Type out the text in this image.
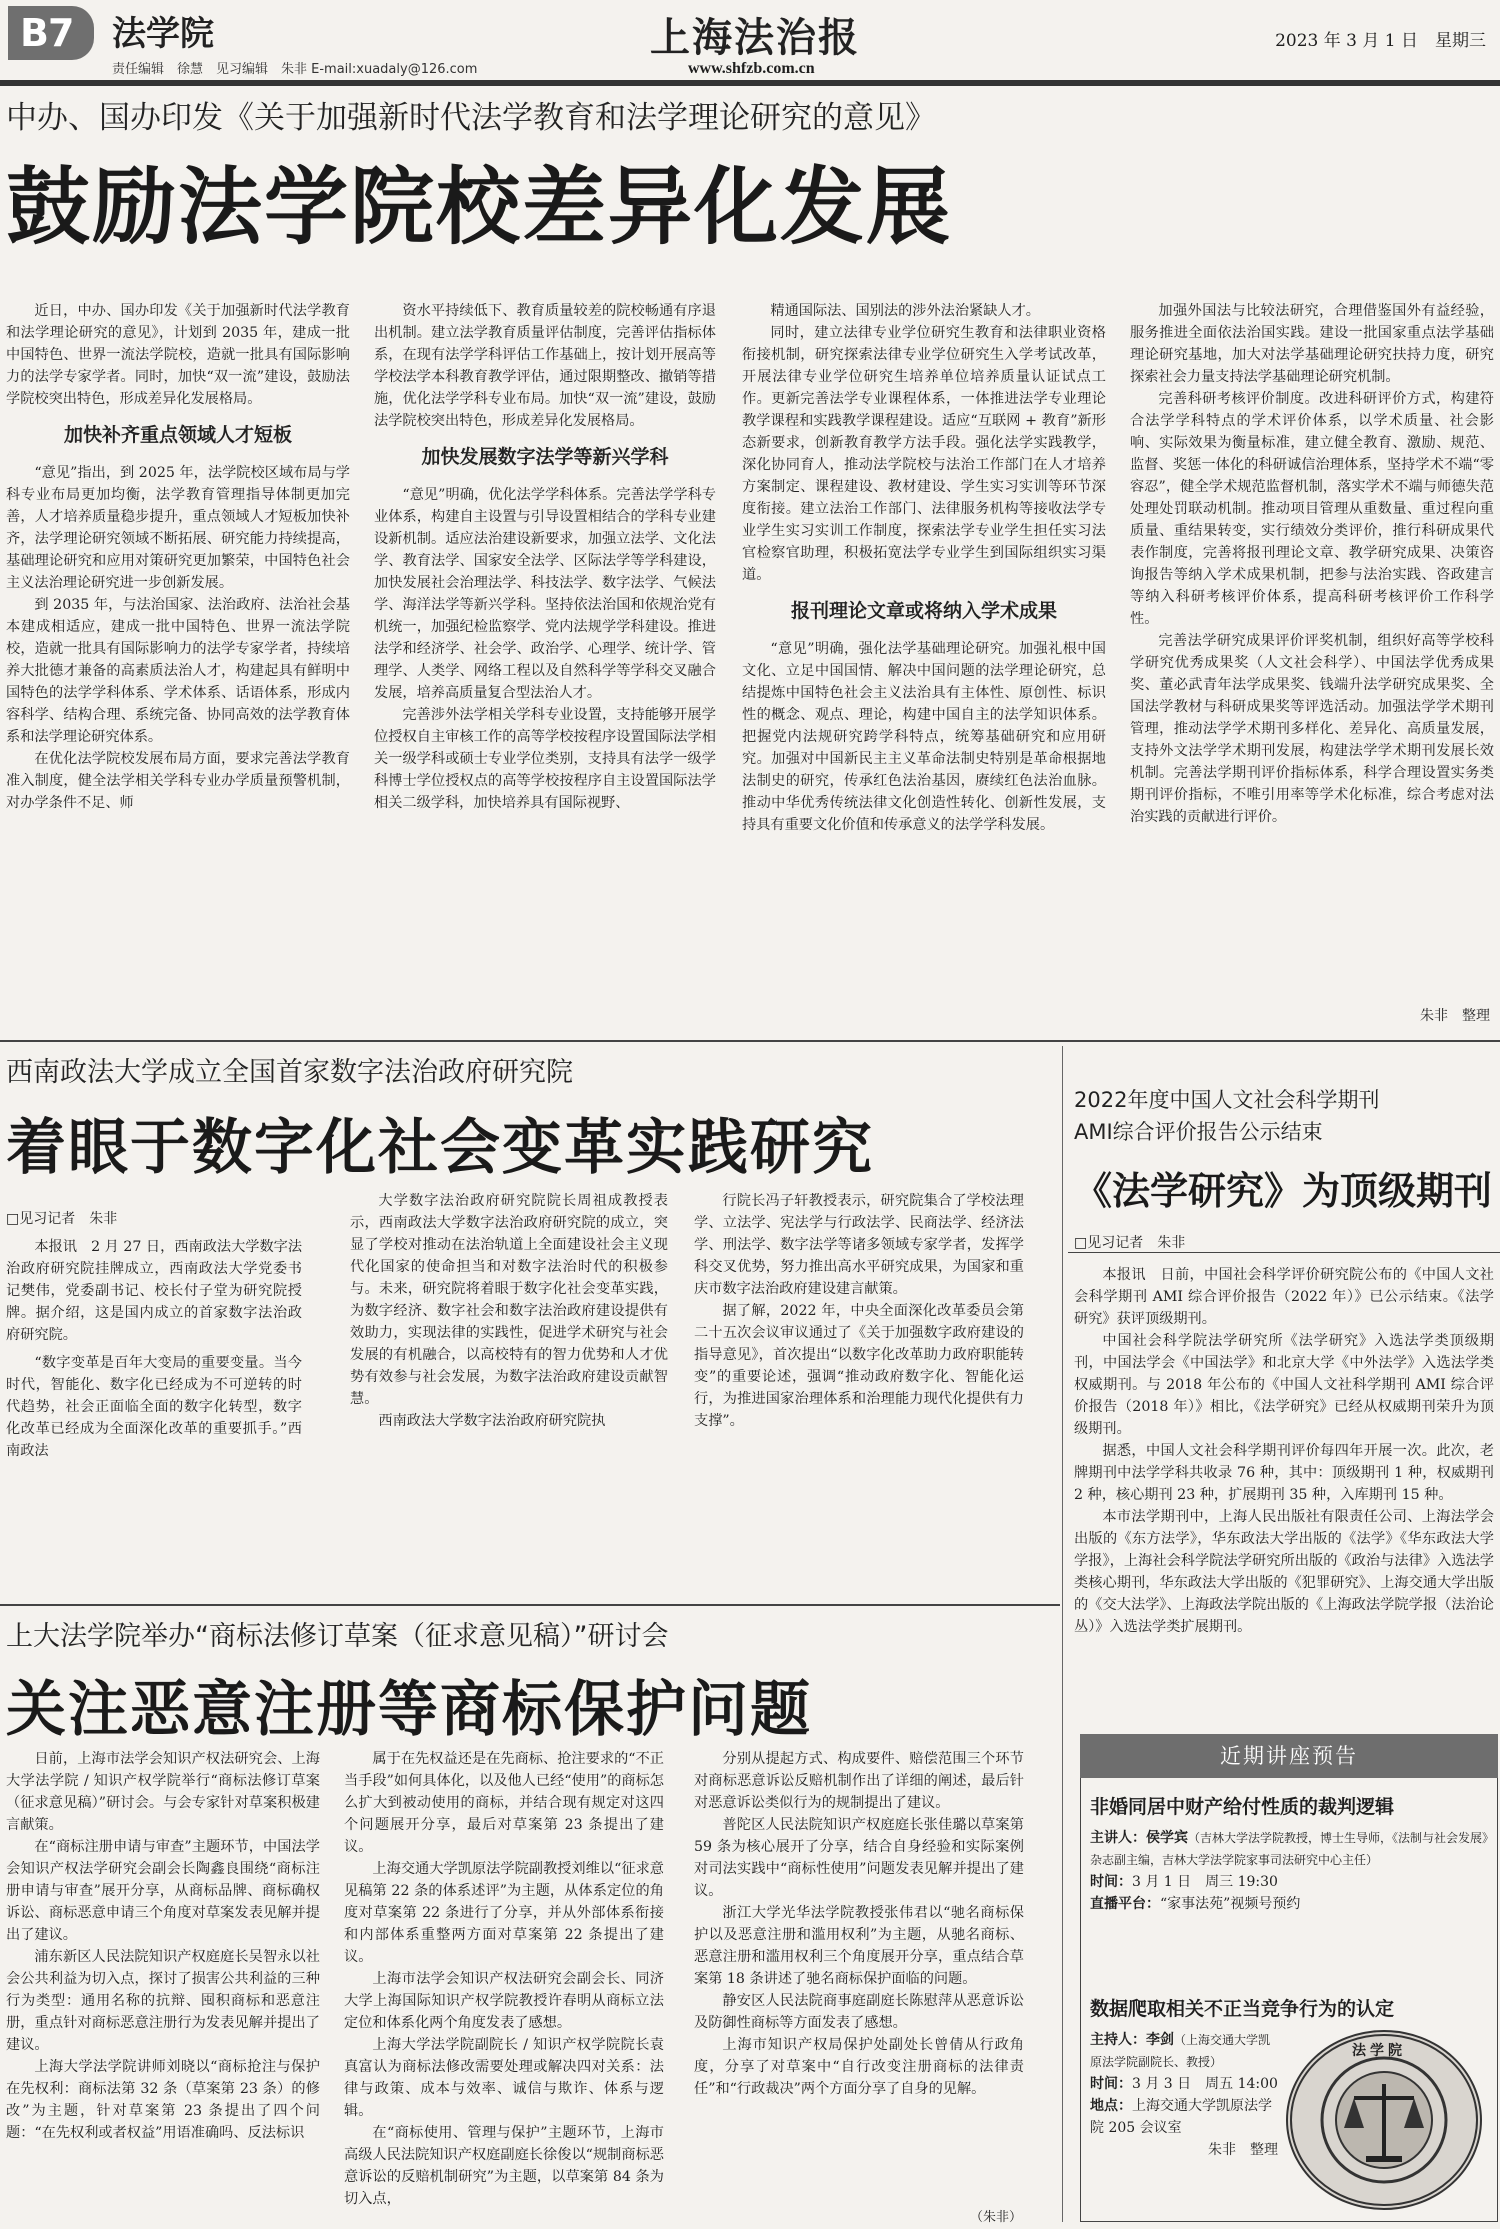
B7	法学院
责任编辑　徐慧　见习编辑　朱非 E-mail:xuadaly@126.com
上海法治报
www.shfzb.com.cn
2023 年 3 月 1 日　星期三
中办、国办印发《关于加强新时代法学教育和法学理论研究的意见》
鼓励法学院校差异化发展

近日，中办、国办印发《关于加强新时代法学教育和法学理论研究的意见》，计划到 2035 年，建成一批中国特色、世界一流法学院校，造就一批具有国际影响力的法学专家学者。同时，加快“双一流”建设，鼓励法学院校突出特色，形成差异化发展格局。

加快补齐重点领域人才短板

“意见”指出，到 2025 年，法学院校区域布局与学科专业布局更加均衡，法学教育管理指导体制更加完善，人才培养质量稳步提升，重点领域人才短板加快补齐，法学理论研究领域不断拓展、研究能力持续提高，基础理论研究和应用对策研究更加繁荣，中国特色社会主义法治理论研究进一步创新发展。

到 2035 年，与法治国家、法治政府、法治社会基本建成相适应，建成一批中国特色、世界一流法学院校，造就一批具有国际影响力的法学专家学者，持续培养大批德才兼备的高素质法治人才，构建起具有鲜明中国特色的法学学科体系、学术体系、话语体系，形成内容科学、结构合理、系统完备、协同高效的法学教育体系和法学理论研究体系。

在优化法学院校发展布局方面，要求完善法学教育准入制度，健全法学相关学科专业办学质量预警机制，对办学条件不足、师

资水平持续低下、教育质量较差的院校畅通有序退出机制。建立法学教育质量评估制度，完善评估指标体系，在现有法学学科评估工作基础上，按计划开展高等学校法学本科教育教学评估，通过限期整改、撤销等措施，优化法学学科专业布局。加快“双一流”建设，鼓励法学院校突出特色，形成差异化发展格局。

加快发展数字法学等新兴学科

“意见”明确，优化法学学科体系。完善法学学科专业体系，构建自主设置与引导设置相结合的学科专业建设新机制。适应法治建设新要求，加强立法学、文化法学、教育法学、国家安全法学、区际法学等学科建设，加快发展社会治理法学、科技法学、数字法学、气候法学、海洋法学等新兴学科。坚持依法治国和依规治党有机统一，加强纪检监察学、党内法规学学科建设。推进法学和经济学、社会学、政治学、心理学、统计学、管理学、人类学、网络工程以及自然科学等学科交叉融合发展，培养高质量复合型法治人才。

完善涉外法学相关学科专业设置，支持能够开展学位授权自主审核工作的高等学校按程序设置国际法学相关一级学科或硕士专业学位类别，支持具有法学一级学科博士学位授权点的高等学校按程序自主设置国际法学相关二级学科，加快培养具有国际视野、

精通国际法、国别法的涉外法治紧缺人才。

同时，建立法律专业学位研究生教育和法律职业资格衔接机制，研究探索法律专业学位研究生入学考试改革，开展法律专业学位研究生培养单位培养质量认证试点工作。更新完善法学专业课程体系，一体推进法学专业理论教学课程和实践教学课程建设。适应“互联网 + 教育”新形态新要求，创新教育教学方法手段。强化法学实践教学，深化协同育人，推动法学院校与法治工作部门在人才培养方案制定、课程建设、教材建设、学生实习实训等环节深度衔接。建立法治工作部门、法律服务机构等接收法学专业学生实习实训工作制度，探索法学专业学生担任实习法官检察官助理，积极拓宽法学专业学生到国际组织实习渠道。

报刊理论文章或将纳入学术成果

“意见”明确，强化法学基础理论研究。加强礼根中国文化、立足中国国情、解决中国问题的法学理论研究，总结提炼中国特色社会主义法治具有主体性、原创性、标识性的概念、观点、理论，构建中国自主的法学知识体系。把握党内法规研究跨学科特点，统筹基础研究和应用研究。加强对中国新民主主义革命法制史特别是革命根据地法制史的研究，传承红色法治基因，赓续红色法治血脉。推动中华优秀传统法律文化创造性转化、创新性发展，支持具有重要文化价值和传承意义的法学学科发展。

加强外国法与比较法研究，合理借鉴国外有益经验，服务推进全面依法治国实践。建设一批国家重点法学基础理论研究基地，加大对法学基础理论研究扶持力度，研究探索社会力量支持法学基础理论研究机制。

完善科研考核评价制度。改进科研评价方式，构建符合法学学科特点的学术评价体系，以学术质量、社会影响、实际效果为衡量标准，建立健全教育、激励、规范、监督、奖惩一体化的科研诚信治理体系，坚持学术不端“零容忍”，健全学术规范监督机制，落实学术不端与师德失范处理处罚联动机制。推动项目管理从重数量、重过程向重质量、重结果转变，实行绩效分类评价，推行科研成果代表作制度，完善将报刊理论文章、教学研究成果、决策咨询报告等纳入学术成果机制，把参与法治实践、咨政建言等纳入科研考核评价体系，提高科研考核评价工作科学性。

完善法学研究成果评价评奖机制，组织好高等学校科学研究优秀成果奖（人文社会科学）、中国法学优秀成果奖、董必武青年法学成果奖、钱端升法学研究成果奖、全国法学教材与科研成果奖等评选活动。加强法学学术期刊管理，推动法学学术期刊多样化、差异化、高质量发展，支持外文法学学术期刊发展，构建法学学术期刊发展长效机制。完善法学期刊评价指标体系，科学合理设置实务类期刊评价指标，不唯引用率等学术化标准，综合考虑对法治实践的贡献进行评价。

朱非　整理
西南政法大学成立全国首家数字法治政府研究院
着眼于数字化社会变革实践研究
□见习记者　朱非

本报讯　2 月 27 日，西南政法大学数字法治政府研究院挂牌成立，西南政法大学党委书记樊伟，党委副书记、校长付子堂为研究院授牌。据介绍，这是国内成立的首家数字法治政府研究院。

“数字变革是百年大变局的重要变量。当今时代，智能化、数字化已经成为不可逆转的时代趋势，社会正面临全面的数字化转型，数字化改革已经成为全面深化改革的重要抓手。”西南政法

大学数字法治政府研究院院长周祖成教授表示，西南政法大学数字法治政府研究院的成立，突显了学校对推动在法治轨道上全面建设社会主义现代化国家的使命担当和对数字法治时代的积极参与。未来，研究院将着眼于数字化社会变革实践，为数字经济、数字社会和数字法治政府建设提供有效助力，实现法律的实践性，促进学术研究与社会发展的有机融合，以高校特有的智力优势和人才优势有效参与社会发展，为数字法治政府建设贡献智慧。

西南政法大学数字法治政府研究院执

行院长冯子轩教授表示，研究院集合了学校法理学、立法学、宪法学与行政法学、民商法学、经济法学、刑法学、数字法学等诸多领域专家学者，发挥学科交叉优势，努力推出高水平研究成果，为国家和重庆市数字法治政府建设建言献策。

据了解，2022 年，中央全面深化改革委员会第二十五次会议审议通过了《关于加强数字政府建设的指导意见》，首次提出“以数字化改革助力政府职能转变”的重要论述，强调“推动政府数字化、智能化运行，为推进国家治理体系和治理能力现代化提供有力支撑”。

2022年度中国人文社会科学期刊
AMI综合评价报告公示结束
《法学研究》为顶级期刊
□见习记者　朱非

本报讯　日前，中国社会科学评价研究院公布的《中国人文社会科学期刊 AMI 综合评价报告（2022 年）》已公示结束。《法学研究》获评顶级期刊。

中国社会科学院法学研究所《法学研究》入选法学类顶级期刊，中国法学会《中国法学》和北京大学《中外法学》入选法学类权威期刊。与 2018 年公布的《中国人文社科学期刊 AMI 综合评价报告（2018 年）》相比，《法学研究》已经从权威期刊荣升为顶级期刊。

据悉，中国人文社会科学期刊评价每四年开展一次。此次，老牌期刊中法学学科共收录 76 种，其中：顶级期刊 1 种，权威期刊 2 种，核心期刊 23 种，扩展期刊 35 种，入库期刊 15 种。

本市法学期刊中，上海人民出版社有限责任公司、上海法学会出版的《东方法学》，华东政法大学出版的《法学》《华东政法大学学报》，上海社会科学院法学研究所出版的《政治与法律》入选法学类核心期刊，华东政法大学出版的《犯罪研究》、上海交通大学出版的《交大法学》、上海政法学院出版的《上海政法学院学报（法治论丛）》入选法学类扩展期刊。

上大法学院举办“商标法修订草案（征求意见稿）”研讨会
关注恶意注册等商标保护问题

日前，上海市法学会知识产权法研究会、上海大学法学院 / 知识产权学院举行“商标法修订草案（征求意见稿）”研讨会。与会专家针对草案积极建言献策。

在“商标注册申请与审查”主题环节，中国法学会知识产权法学研究会副会长陶鑫良围绕“商标注册申请与审查”展开分享，从商标品牌、商标确权诉讼、商标恶意申请三个角度对草案发表见解并提出了建议。

浦东新区人民法院知识产权庭庭长吴智永以社会公共利益为切入点，探讨了损害公共利益的三种行为类型：通用名称的抗辩、囤积商标和恶意注册，重点针对商标恶意注册行为发表见解并提出了建议。

上海大学法学院讲师刘晓以“商标抢注与保护在先权利：商标法第 32 条（草案第 23 条）的修改”为主题，针对草案第 23 条提出了四个问题：“在先权利或者权益”用语准确吗、反法标识

属于在先权益还是在先商标、抢注要求的“不正当手段”如何具体化，以及他人已经“使用”的商标怎么扩大到被动使用的商标，并结合现有规定对这四个问题展开分享，最后对草案第 23 条提出了建议。

上海交通大学凯原法学院副教授刘维以“征求意见稿第 22 条的体系述评”为主题，从体系定位的角度对草案第 22 条进行了分享，并从外部体系衔接和内部体系重整两方面对草案第 22 条提出了建议。

上海市法学会知识产权法研究会副会长、同济大学上海国际知识产权学院教授许春明从商标立法定位和体系化两个角度发表了感想。

上海大学法学院副院长 / 知识产权学院院长袁真富认为商标法修改需要处理或解决四对关系：法律与政策、成本与效率、诚信与欺诈、体系与逻辑。

在“商标使用、管理与保护”主题环节，上海市高级人民法院知识产权庭副庭长徐俊以“规制商标恶意诉讼的反赔机制研究”为主题，以草案第 84 条为切入点，

分别从提起方式、构成要件、赔偿范围三个环节对商标恶意诉讼反赔机制作出了详细的阐述，最后针对恶意诉讼类似行为的规制提出了建议。

普陀区人民法院知识产权庭庭长张佳璐以草案第 59 条为核心展开了分享，结合自身经验和实际案例对司法实践中“商标性使用”问题发表见解并提出了建议。

浙江大学光华法学院教授张伟君以“驰名商标保护以及恶意注册和滥用权利”为主题，从驰名商标、恶意注册和滥用权利三个角度展开分享，重点结合草案第 18 条讲述了驰名商标保护面临的问题。

静安区人民法院商事庭副庭长陈慰萍从恶意诉讼及防御性商标等方面发表了感想。

上海市知识产权局保护处副处长曾倩从行政角度，分享了对草案中“自行改变注册商标的法律责任”和“行政裁决”两个方面分享了自身的见解。

（朱非）
近期讲座预告
非婚同居中财产给付性质的裁判逻辑
主讲人：侯学宾（吉林大学法学院教授，博士生导师，《法制与社会发展》杂志副主编，吉林大学法学院家事司法研究中心主任）
时间：3 月 1 日　周三 19:30
直播平台：“家事法苑”视频号预约
数据爬取相关不正当竞争行为的认定
主持人：李剑（上海交通大学凯原法学院副院长、教授）
时间：3 月 3 日　周五 14:00
地点：上海交通大学凯原法学院 205 会议室
朱非　整理
法学院
